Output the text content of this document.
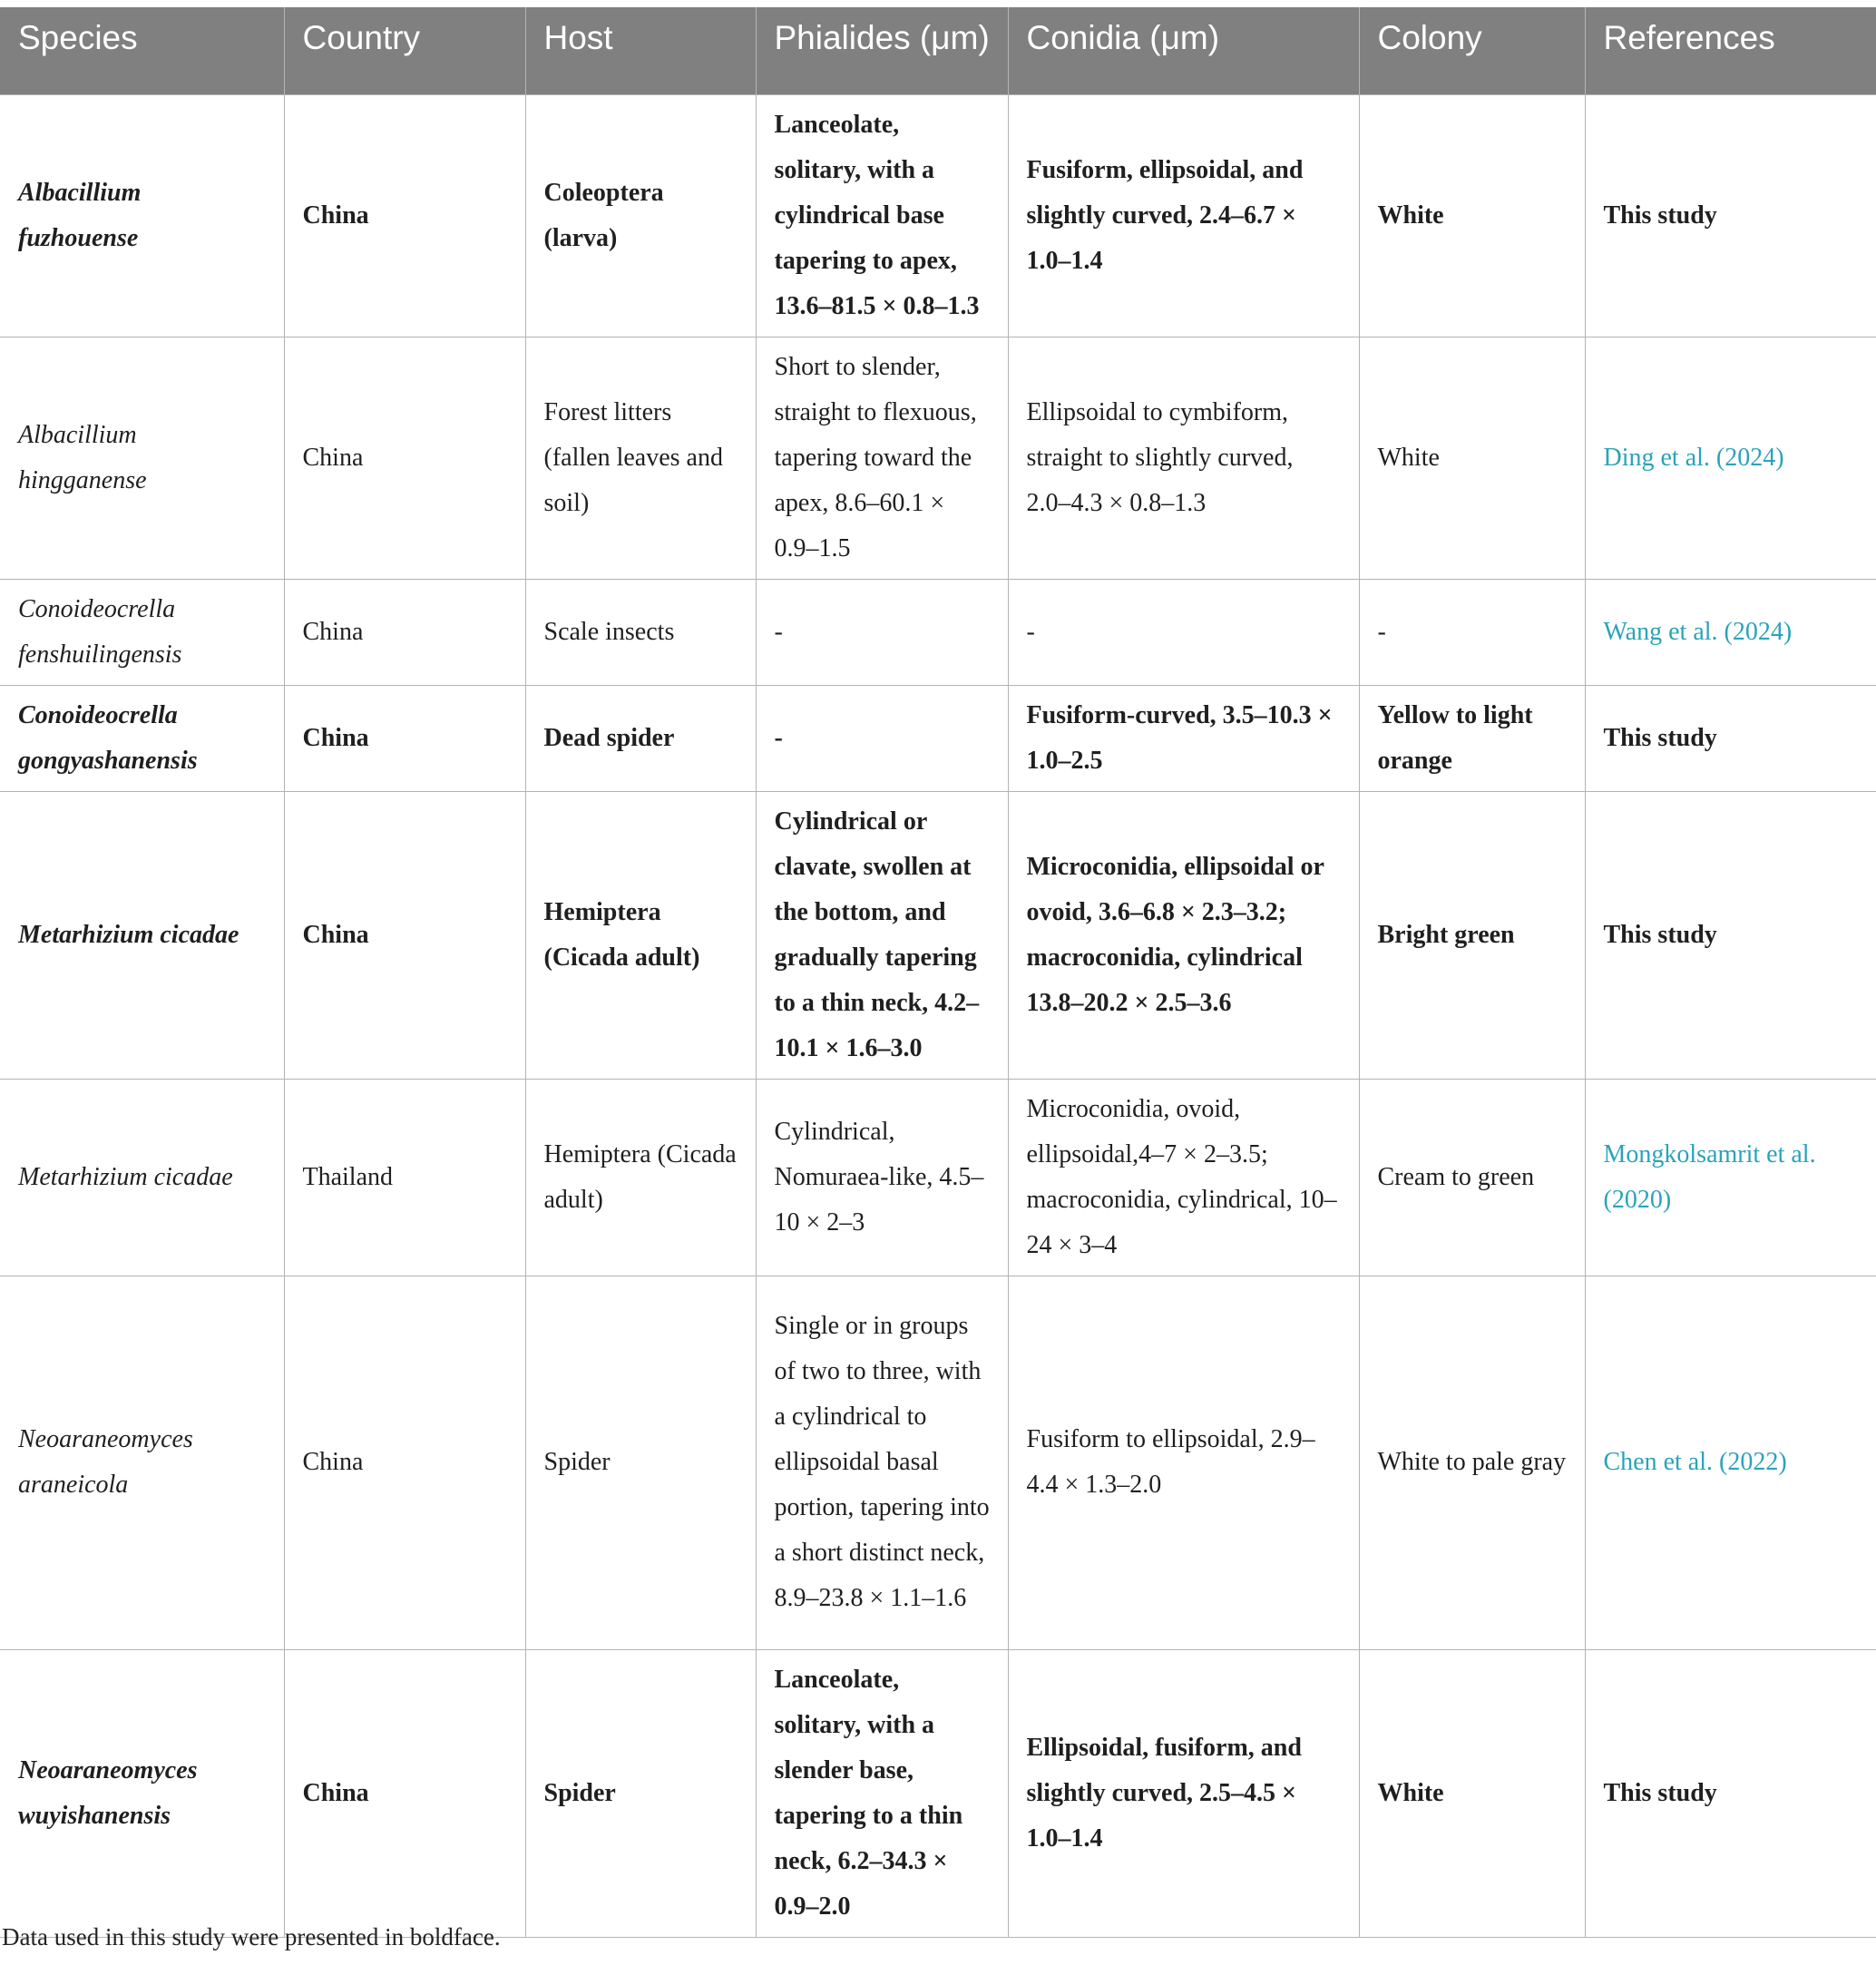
Species	Country	Host	Phialides (μm)	Conidia (μm)	Colony	References
Albacillium fuzhouense	China	Coleoptera (larva)	Lanceolate, solitary, with a cylindrical base tapering to apex, 13.6–81.5 × 0.8–1.3	Fusiform, ellipsoidal, and slightly curved, 2.4–6.7 × 1.0–1.4	White	This study
Albacillium hingganense	China	Forest litters (fallen leaves and soil)	Short to slender, straight to flexuous, tapering toward the apex, 8.6–60.1 × 0.9–1.5	Ellipsoidal to cymbiform, straight to slightly curved, 2.0–4.3 × 0.8–1.3	White	Ding et al. (2024)
Conoideocrella fenshuilingensis	China	Scale insects	-	-	-	Wang et al. (2024)
Conoideocrella gongyashanensis	China	Dead spider	-	Fusiform-curved, 3.5–10.3 × 1.0–2.5	Yellow to light orange	This study
Metarhizium cicadae	China	Hemiptera (Cicada adult)	Cylindrical or clavate, swollen at the bottom, and gradually tapering to a thin neck, 4.2–10.1 × 1.6–3.0	Microconidia, ellipsoidal or ovoid, 3.6–6.8 × 2.3–3.2; macroconidia, cylindrical 13.8–20.2 × 2.5–3.6	Bright green	This study
Metarhizium cicadae	Thailand	Hemiptera (Cicada adult)	Cylindrical, Nomuraea-like, 4.5–10 × 2–3	Microconidia, ovoid, ellipsoidal,4–7 × 2–3.5; macroconidia, cylindrical, 10–24 × 3–4	Cream to green	Mongkolsamrit et al. (2020)
Neoaraneomyces araneicola	China	Spider	Single or in groups of two to three, with a cylindrical to ellipsoidal basal portion, tapering into a short distinct neck, 8.9–23.8 × 1.1–1.6	Fusiform to ellipsoidal, 2.9–4.4 × 1.3–2.0	White to pale gray	Chen et al. (2022)
Neoaraneomyces wuyishanensis	China	Spider	Lanceolate, solitary, with a slender base, tapering to a thin neck, 6.2–34.3 × 0.9–2.0	Ellipsoidal, fusiform, and slightly curved, 2.5–4.5 × 1.0–1.4	White	This study
Data used in this study were presented in boldface.
